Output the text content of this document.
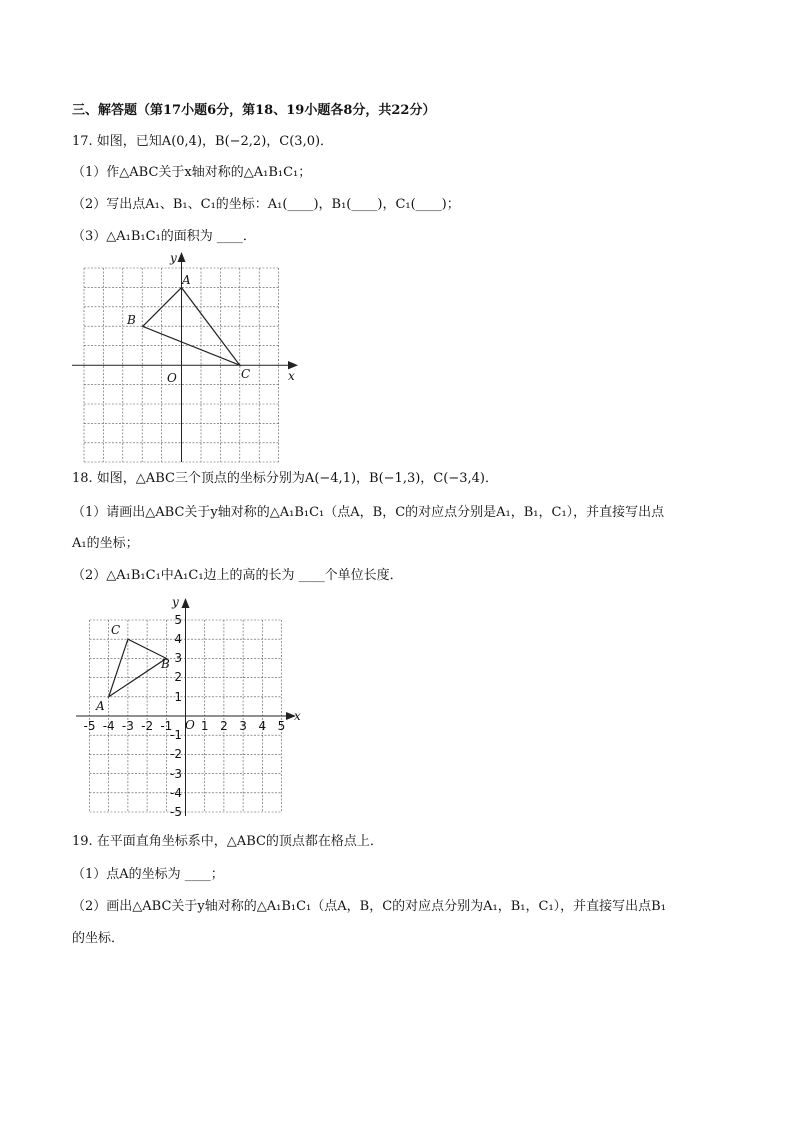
三、解答题（第17小题6分，第18、19小题各8分，共22分）
17. 如图，已知A(0,4)，B(−2,2)，C(3,0)．
（1）作△ABC关于x轴对称的△A₁B₁C₁；
（2）写出点A₁、B₁、C₁的坐标：A₁(____)，B₁(____)，C₁(____)；
（3）△A₁B₁C₁的面积为 ____．
A
B
C
O	x
y
18. 如图，△ABC三个顶点的坐标分别为A(−4,1)，B(−1,3)，C(−3,4)．
（1）请画出△ABC关于y轴对称的△A₁B₁C₁（点A，B，C的对应点分别是A₁，B₁，C₁），并直接写出点
A₁的坐标；
（2）△A₁B₁C₁中A₁C₁边上的高的长为 ____个单位长度．
A
B
C
O
x
y
-5 -4 -3 -2 -1 1 2 3 4 5
5
4
3
2
1
-1
-2
-3
-4
-5
19. 在平面直角坐标系中，△ABC的顶点都在格点上．
（1）点A的坐标为 ____；
（2）画出△ABC关于y轴对称的△A₁B₁C₁（点A，B，C的对应点分别为A₁，B₁，C₁），并直接写出点B₁
的坐标．
